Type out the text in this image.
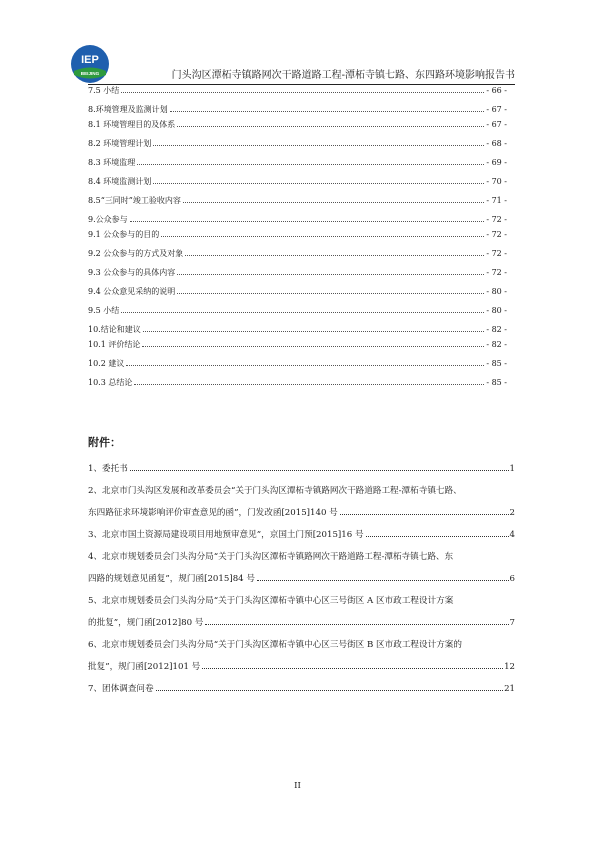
IEP
BEIJING	门头沟区潭柘寺镇路网次干路道路工程-潭柘寺镇七路、东四路环境影响报告书
7.5 小结	- 66 -
8.环境管理及监测计划	- 67 -
8.1 环境管理目的及体系	- 67 -
8.2 环境管理计划	- 68 -
8.3 环境监理	- 69 -
8.4 环境监测计划	- 70 -
8.5“三同时”竣工验收内容	- 71 -
9.公众参与	- 72 -
9.1 公众参与的目的	- 72 -
9.2 公众参与的方式及对象	- 72 -
9.3 公众参与的具体内容	- 72 -
9.4 公众意见采纳的说明	- 80 -
9.5 小结	- 80 -
10.结论和建议	- 82 -
10.1 评价结论	- 82 -
10.2 建议	- 85 -
10.3 总结论	- 85 -
附件：
1、委托书	1
2、北京市门头沟区发展和改革委员会“关于门头沟区潭柘寺镇路网次干路道路工程-潭柘寺镇七路、
东四路征求环境影响评价审查意见的函”，门发改函[2015]140 号	2
3、北京市国土资源局建设项目用地预审意见”，京国土门预[2015]16 号	4
4、北京市规划委员会门头沟分局“关于门头沟区潭柘寺镇路网次干路道路工程-潭柘寺镇七路、东
四路的规划意见函复”，规门函[2015]84 号	6
5、北京市规划委员会门头沟分局“关于门头沟区潭柘寺镇中心区三号街区 A 区市政工程设计方案
的批复”，规门函[2012]80 号	7
6、北京市规划委员会门头沟分局“关于门头沟区潭柘寺镇中心区三号街区 B 区市政工程设计方案的
批复”，规门函[2012]101 号	12
7、团体调查问卷	21
II
